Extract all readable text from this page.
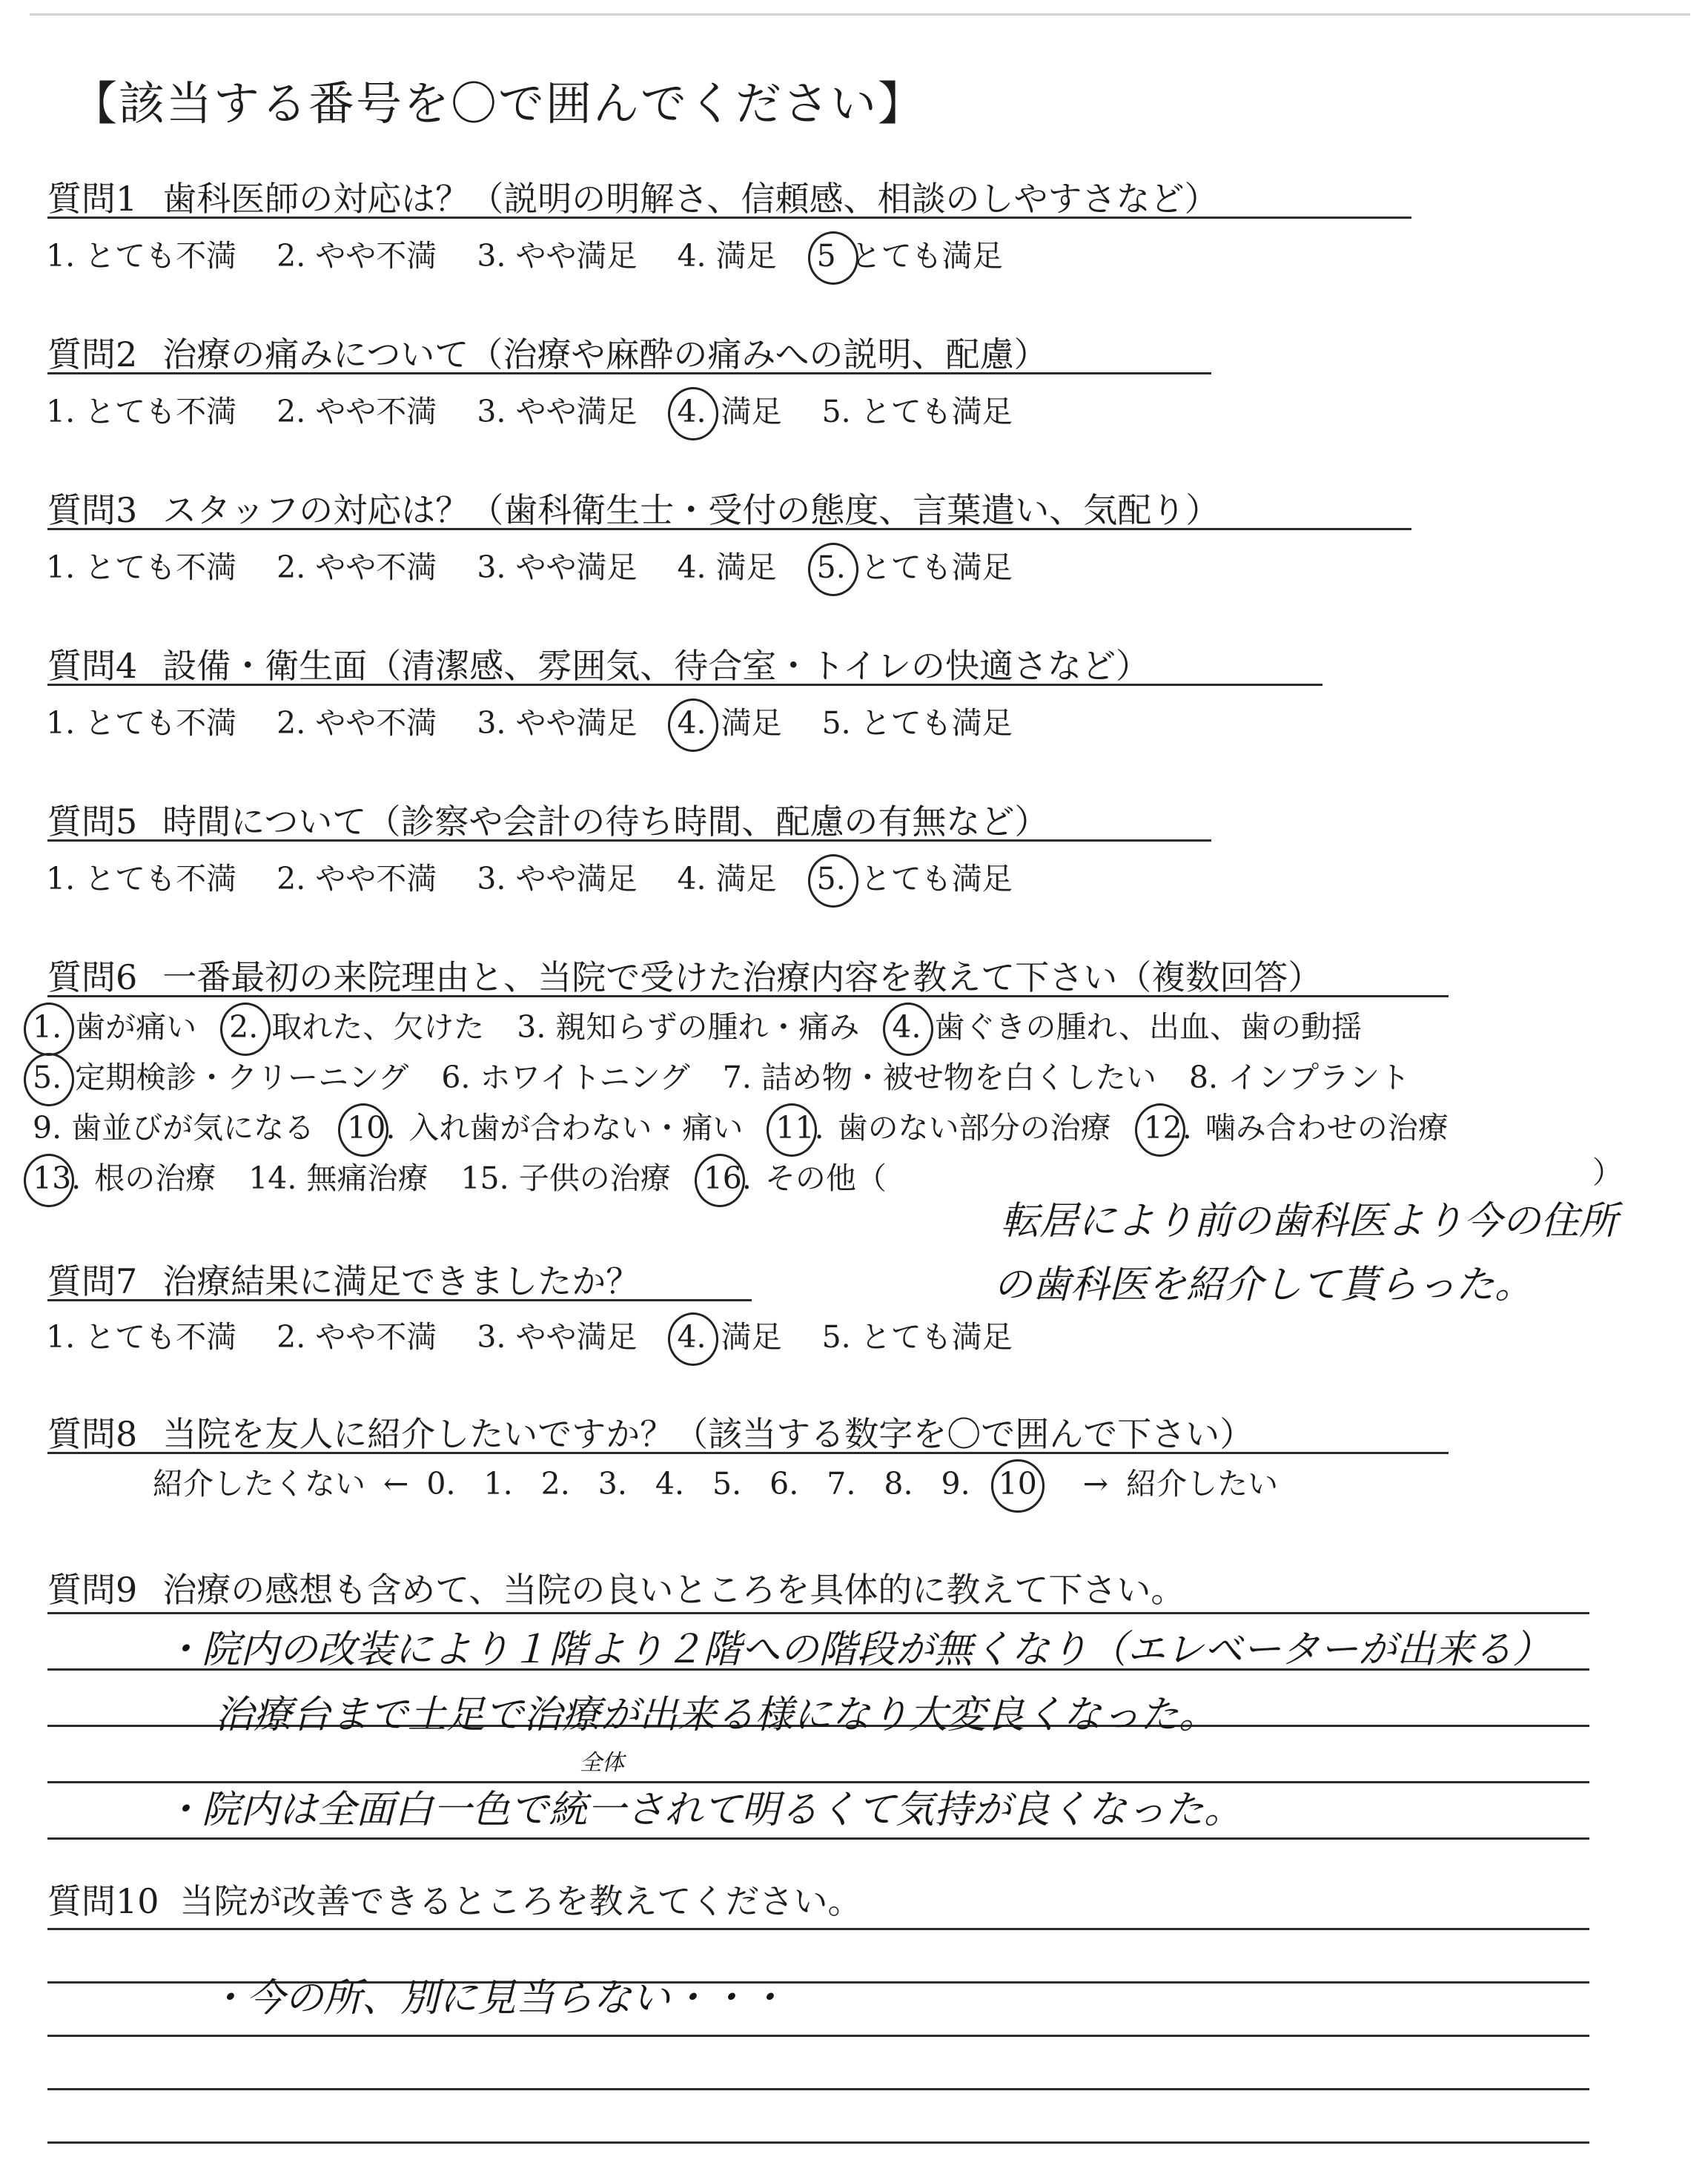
【該当する番号を〇で囲んでください】
質問1 歯科医師の対応は？（説明の明解さ、信頼感、相談のしやすさなど）
1. とても不満 2. やや不満 3. やや満足 4. 満足 5 とても満足
質問2 治療の痛みについて（治療や麻酔の痛みへの説明、配慮）
1. とても不満 2. やや不満 3. やや満足 4. 満足 5. とても満足
質問3 スタッフの対応は？（歯科衛生士・受付の態度、言葉遣い、気配り）
1. とても不満 2. やや不満 3. やや満足 4. 満足 5. とても満足
質問4 設備・衛生面（清潔感、雰囲気、待合室・トイレの快適さなど）
1. とても不満 2. やや不満 3. やや満足 4. 満足 5. とても満足
質問5 時間について（診察や会計の待ち時間、配慮の有無など）
1. とても不満 2. やや不満 3. やや満足 4. 満足 5. とても満足
質問6 一番最初の来院理由と、当院で受けた治療内容を教えて下さい（複数回答）
1. 歯が痛い 2. 取れた、欠けた 3. 親知らずの腫れ・痛み 4. 歯ぐきの腫れ、出血、歯の動揺
5. 定期検診・クリーニング 6. ホワイトニング 7. 詰め物・被せ物を白くしたい 8. インプラント
9. 歯並びが気になる 10. 入れ歯が合わない・痛い 11. 歯のない部分の治療 12. 噛み合わせの治療
13. 根の治療 14. 無痛治療 15. 子供の治療 16. その他（	）
転居により前の歯科医より今の住所
の歯科医を紹介して貰らった。
質問7 治療結果に満足できましたか？
1. とても不満 2. やや不満 3. やや満足 4. 満足 5. とても満足
質問8 当院を友人に紹介したいですか？（該当する数字を〇で囲んで下さい）
紹介したくない ← 0. 1. 2. 3. 4. 5. 6. 7. 8. 9. 10 → 紹介したい
質問9 治療の感想も含めて、当院の良いところを具体的に教えて下さい。
・院内の改装により１階より２階への階段が無くなり（エレベーターが出来る）
治療台まで土足で治療が出来る様になり大変良くなった。
全体
・院内は全面白一色で統一されて明るくて気持が良くなった。
質問10 当院が改善できるところを教えてください。
・今の所、別に見当らない・・・
